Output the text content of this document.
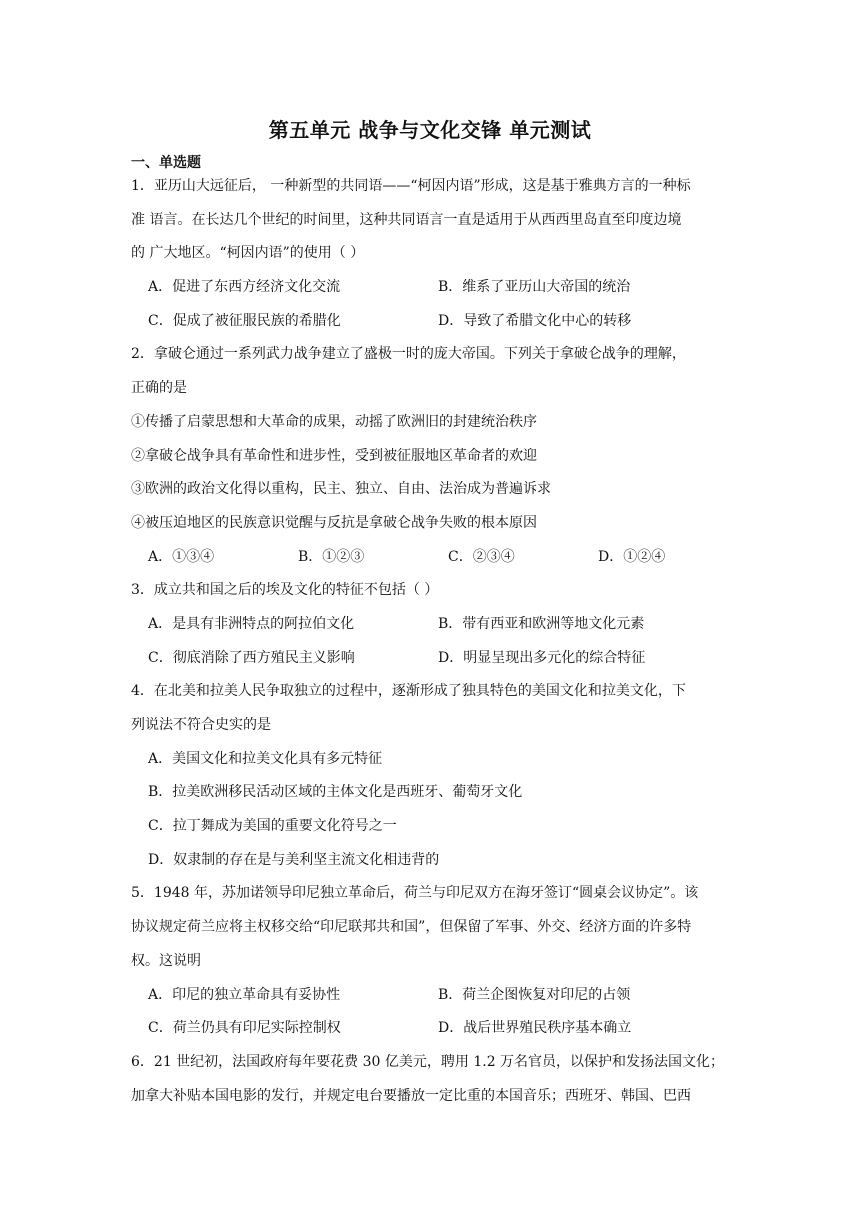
第五单元 战争与文化交锋 单元测试
一、单选题
1．亚历山大远征后， 一种新型的共同语——“柯因内语”形成，这是基于雅典方言的一种标
准 语言。在长达几个世纪的时间里，这种共同语言一直是适用于从西西里岛直至印度边境
的 广大地区。“柯因内语”的使用（ ）
A．促进了东西方经济文化交流	B．维系了亚历山大帝国的统治
C．促成了被征服民族的希腊化	D．导致了希腊文化中心的转移
2．拿破仑通过一系列武力战争建立了盛极一时的庞大帝国。下列关于拿破仑战争的理解，
正确的是
①传播了启蒙思想和大革命的成果，动摇了欧洲旧的封建统治秩序
②拿破仑战争具有革命性和进步性，受到被征服地区革命者的欢迎
③欧洲的政治文化得以重构，民主、独立、自由、法治成为普遍诉求
④被压迫地区的民族意识觉醒与反抗是拿破仑战争失败的根本原因
A．①③④	B．①②③	C．②③④	D．①②④
3．成立共和国之后的埃及文化的特征不包括（ ）
A．是具有非洲特点的阿拉伯文化	B．带有西亚和欧洲等地文化元素
C．彻底消除了西方殖民主义影响	D．明显呈现出多元化的综合特征
4．在北美和拉美人民争取独立的过程中，逐渐形成了独具特色的美国文化和拉美文化，下
列说法不符合史实的是
A．美国文化和拉美文化具有多元特征
B．拉美欧洲移民活动区域的主体文化是西班牙、葡萄牙文化
C．拉丁舞成为美国的重要文化符号之一
D．奴隶制的存在是与美利坚主流文化相违背的
5．1948 年，苏加诺领导印尼独立革命后，荷兰与印尼双方在海牙签订“圆桌会议协定”。该
协议规定荷兰应将主权移交给“印尼联邦共和国”，但保留了军事、外交、经济方面的许多特
权。这说明
A．印尼的独立革命具有妥协性	B．荷兰企图恢复对印尼的占领
C．荷兰仍具有印尼实际控制权	D．战后世界殖民秩序基本确立
6．21 世纪初，法国政府每年要花费 30 亿美元，聘用 1.2 万名官员，以保护和发扬法国文化；
加拿大补贴本国电影的发行，并规定电台要播放一定比重的本国音乐；西班牙、韩国、巴西
